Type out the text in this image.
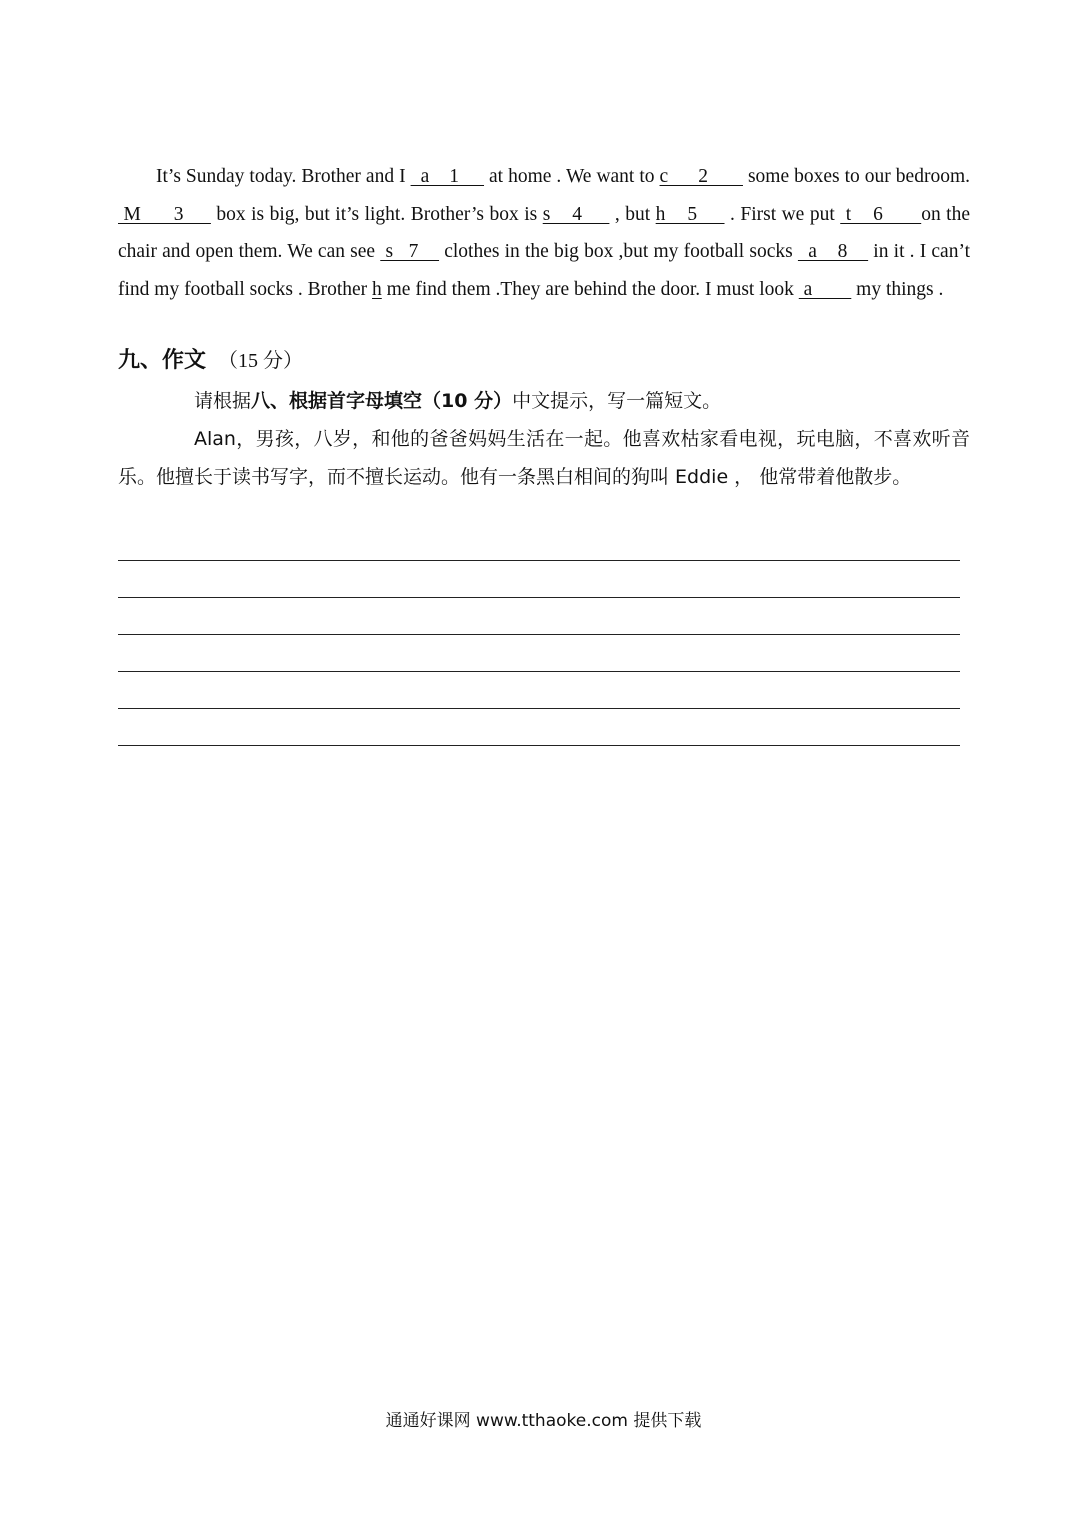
It’s Sunday today. Brother and I   a    1      at home . We want to c      2        some boxes to our bedroom.  M      3      box is big, but it’s light. Brother’s box is s    4      , but h    5      . First we put  t    6       on the chair and open them. We can see  s   7     clothes in the big box ,but my football socks   a    8     in it . I can’t find my football socks . Brother h me find them .They are behind the door. I must look  a         my things .
九、作文 （15 分）
请根据八、根据首字母填空（10 分）中文提示，写一篇短文。
Alan，男孩，八岁，和他的爸爸妈妈生活在一起。他喜欢枯家看电视，玩电脑，不喜欢听音乐。他擅长于读书写字，而不擅长运动。他有一条黑白相间的狗叫 Eddie ， 他常带着他散步。
通通好课网 www.tthaoke.com 提供下载
